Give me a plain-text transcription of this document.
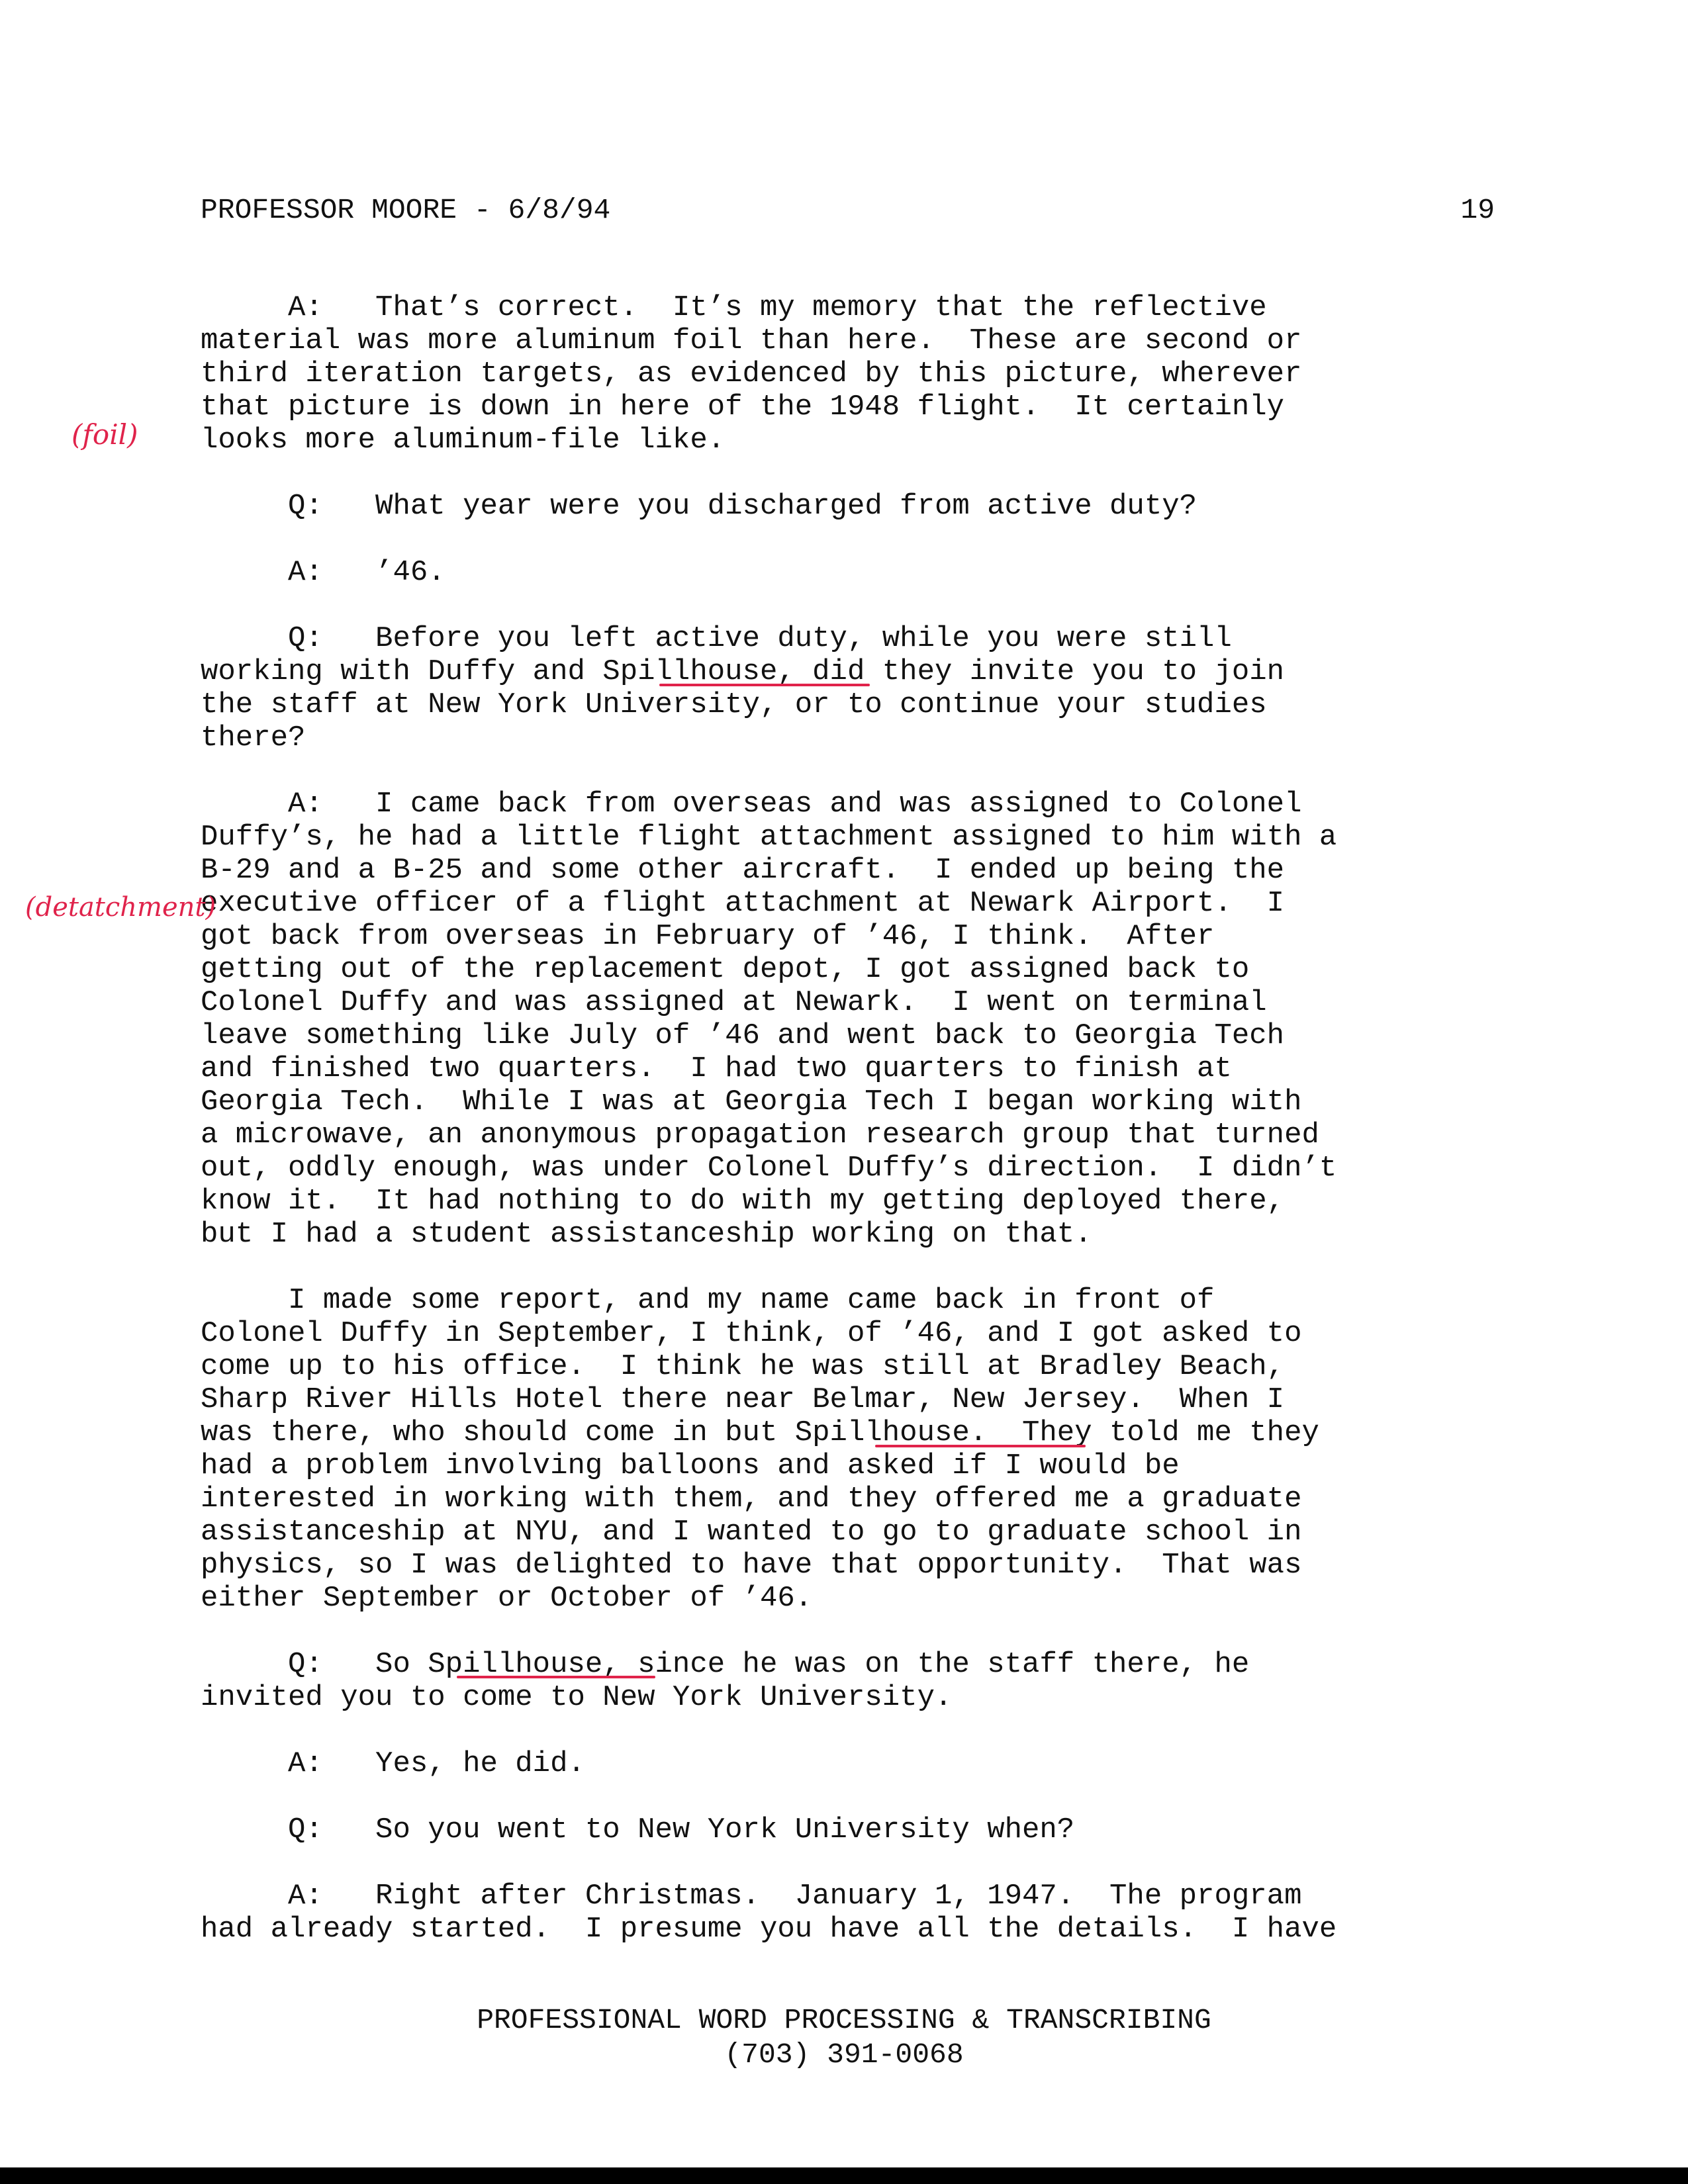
PROFESSOR MOORE - 6/8/94	19
A:   That’s correct.  It’s my memory that the reflective
material was more aluminum foil than here.  These are second or
third iteration targets, as evidenced by this picture, wherever
that picture is down in here of the 1948 flight.  It certainly
looks more aluminum-file like.
Q:   What year were you discharged from active duty?
A:   ’46.
Q:   Before you left active duty, while you were still
working with Duffy and Spillhouse, did they invite you to join
the staff at New York University, or to continue your studies
there?
A:   I came back from overseas and was assigned to Colonel
Duffy’s, he had a little flight attachment assigned to him with a
B-29 and a B-25 and some other aircraft.  I ended up being the
executive officer of a flight attachment at Newark Airport.  I
got back from overseas in February of ’46, I think.  After
getting out of the replacement depot, I got assigned back to
Colonel Duffy and was assigned at Newark.  I went on terminal
leave something like July of ’46 and went back to Georgia Tech
and finished two quarters.  I had two quarters to finish at
Georgia Tech.  While I was at Georgia Tech I began working with
a microwave, an anonymous propagation research group that turned
out, oddly enough, was under Colonel Duffy’s direction.  I didn’t
know it.  It had nothing to do with my getting deployed there,
but I had a student assistanceship working on that.
I made some report, and my name came back in front of
Colonel Duffy in September, I think, of ’46, and I got asked to
come up to his office.  I think he was still at Bradley Beach,
Sharp River Hills Hotel there near Belmar, New Jersey.  When I
was there, who should come in but Spillhouse.  They told me they
had a problem involving balloons and asked if I would be
interested in working with them, and they offered me a graduate
assistanceship at NYU, and I wanted to go to graduate school in
physics, so I was delighted to have that opportunity.  That was
either September or October of ’46.
Q:   So Spillhouse, since he was on the staff there, he
invited you to come to New York University.
A:   Yes, he did.
Q:   So you went to New York University when?
A:   Right after Christmas.  January 1, 1947.  The program
had already started.  I presume you have all the details.  I have
(foil)
(detatchment)
PROFESSIONAL WORD PROCESSING & TRANSCRIBING
(703) 391-0068
